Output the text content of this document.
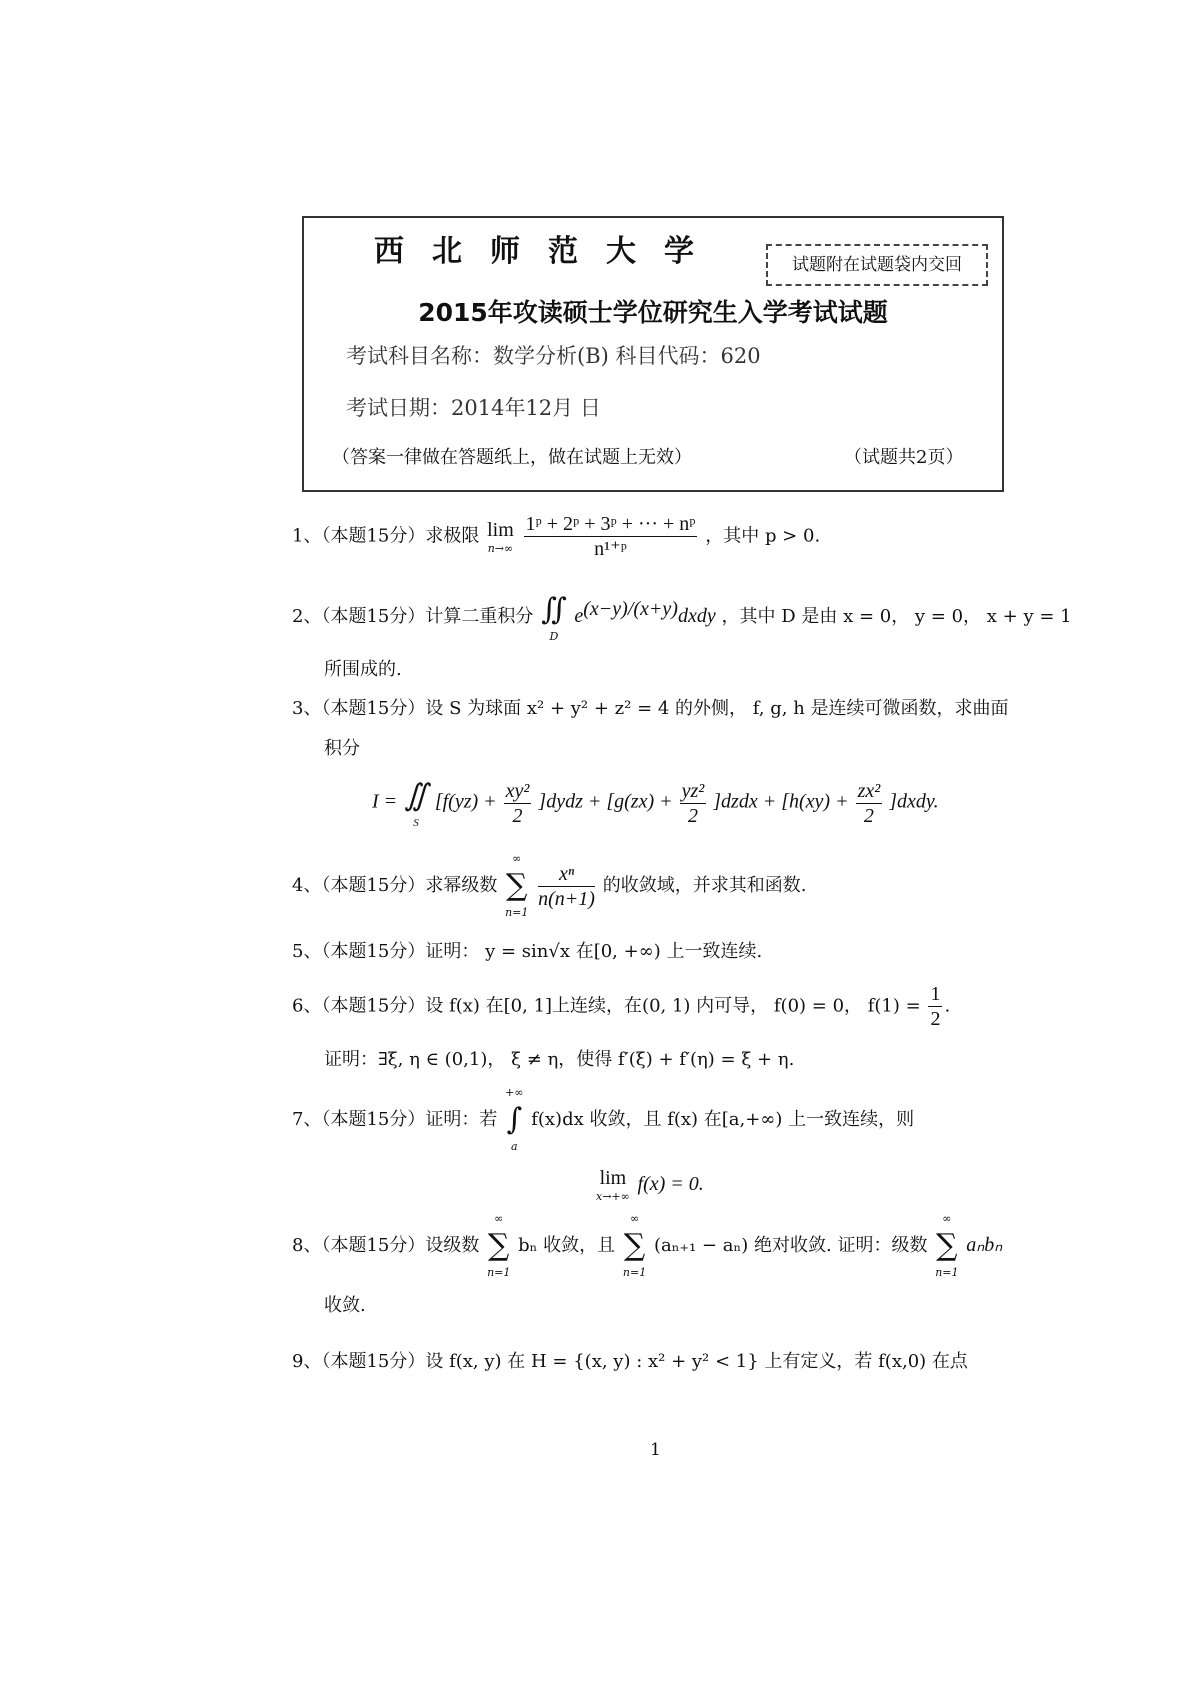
西北师范大学	试题附在试题袋内交回
2015年攻读硕士学位研究生入学考试试题
考试科目名称：数学分析(B) 科目代码：620
考试日期：2014年12月 日
（答案一律做在答题纸上，做在试题上无效）	（试题共2页）
1、（本题15分）求极限 lim
n→∞
$\frac{\text{1ᵖ + 2ᵖ + 3ᵖ + ··· + nᵖ}}{\text{n¹⁺ᵖ}}$ ，其中 p > 0.
2、（本题15分）计算二重积分 ∬
D
$e^{(x-y)/(x+y)}dxdy$ ，其中 D 是由 x = 0， y = 0， x + y = 1
所围成的.
3、（本题15分）设 S 为球面 x² + y² + z² = 4 的外侧， f, g, h 是连续可微函数，求曲面
积分
I = ∬
S
[$f(yz) + \frac{\text{xy²}}{2}$ ]dydz + [$g(zx) + \frac{\text{yz²}}{2}$ ]dzdx + [$h(xy) + \frac{\text{zx²}}{2}$ ]dxdy.
4、（本题15分）求幂级数
∞
∑
n=1

$\frac{\text{xⁿ}}{n(n+1)}$ 的收敛域，并求其和函数.
5、（本题15分）证明： y = sin√x 在[0, +∞) 上一致连续.
6、（本题15分）设 f(x) 在[0, 1]上连续，在(0, 1) 内可导， f(0) = 0， $f(1) = \frac{1}{2}$ .
证明：∃ξ, η ∈ (0,1)， ξ ≠ η，使得 f′(ξ) + f′(η) = ξ + η.
7、（本题15分）证明：若
+∞
∫
a
f(x)dx 收敛，且 f(x) 在[a,+∞) 上一致连续，则
lim
x→+∞
f(x) = 0.
8、（本题15分）设级数
∞
∑
n=1
bₙ 收敛，且
∞
∑
n=1
(aₙ₊₁ − aₙ) 绝对收敛. 证明：级数
∞
∑
n=1
aₙbₙ
收敛.
9、（本题15分）设 f(x, y) 在 H = {(x, y) : x² + y² < 1} 上有定义，若 f(x,0) 在点
1
